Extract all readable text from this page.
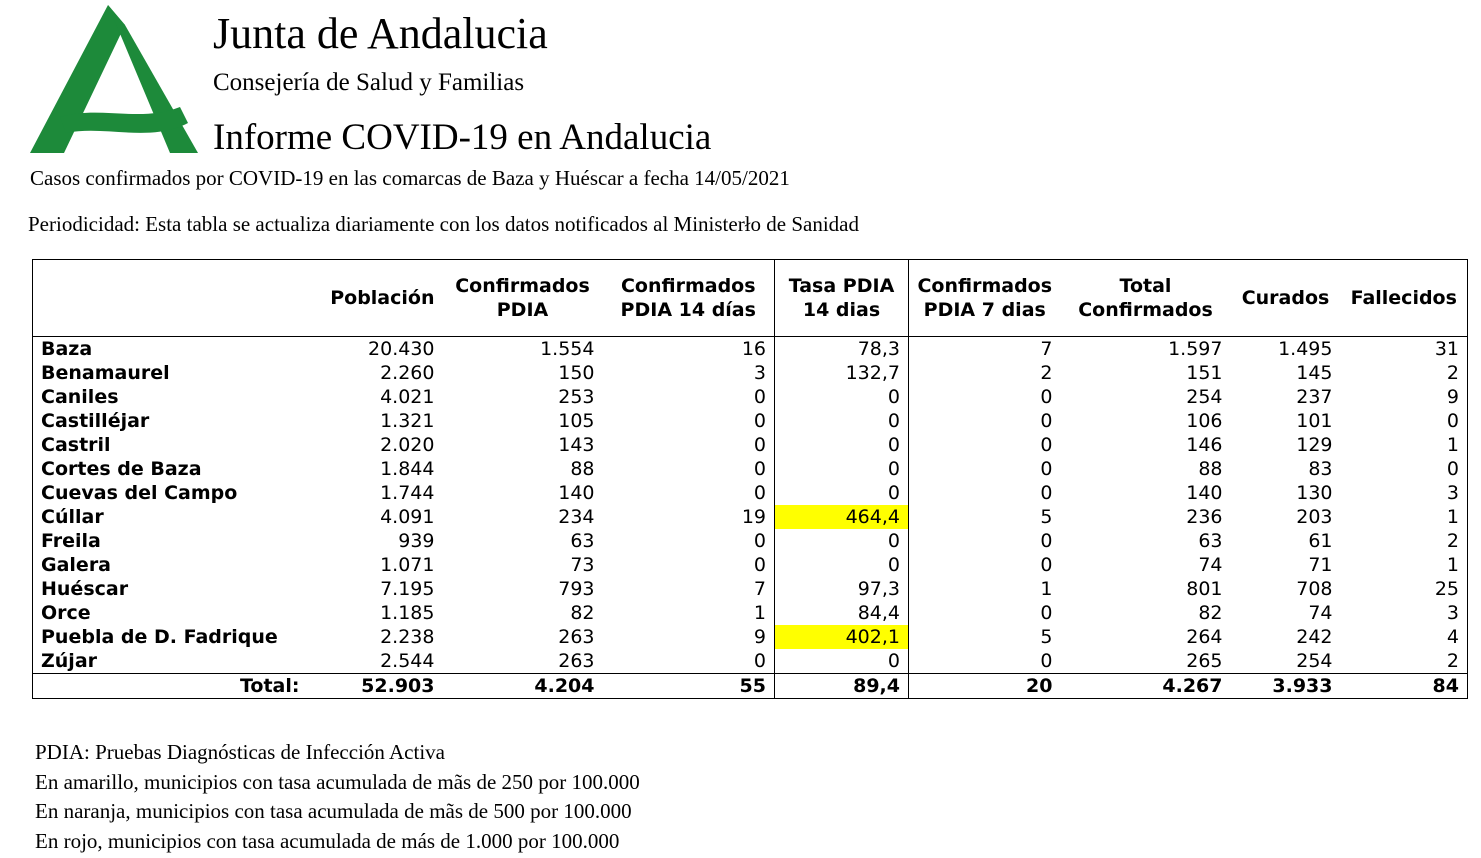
Junta de Andalucia
Consejería de Salud y Familias
Informe COVID-19 en Andalucia
Casos confirmados por COVID-19 en las comarcas de Baza y Huéscar a fecha 14/05/2021
Periodicidad: Esta tabla se actualiza diariamente con los datos notificados al Ministerło de Sanidad
	Población	Confirmados PDIA	Confirmados PDIA 14 días	Tasa PDIA 14 dias	Confirmados PDIA 7 dias	Total Confirmados	Curados	Fallecidos
Baza	20.430	1.554	16	78,3	7	1.597	1.495	31
Benamaurel	2.260	150	3	132,7	2	151	145	2
Caniles	4.021	253	0	0	0	254	237	9
Castilléjar	1.321	105	0	0	0	106	101	0
Castril	2.020	143	0	0	0	146	129	1
Cortes de Baza	1.844	88	0	0	0	88	83	0
Cuevas del Campo	1.744	140	0	0	0	140	130	3
Cúllar	4.091	234	19	464,4	5	236	203	1
Freila	939	63	0	0	0	63	61	2
Galera	1.071	73	0	0	0	74	71	1
Huéscar	7.195	793	7	97,3	1	801	708	25
Orce	1.185	82	1	84,4	0	82	74	3
Puebla de D. Fadrique	2.238	263	9	402,1	5	264	242	4
Zújar	2.544	263	0	0	0	265	254	2
Total:	52.903	4.204	55	89,4	20	4.267	3.933	84
PDIA: Pruebas Diagnósticas de Infección Activa
En amarillo, municipios con tasa acumulada de mãs de 250 por 100.000
En naranja, municipios con tasa acumulada de mãs de 500 por 100.000
En rojo, municipios con tasa acumulada de más de 1.000 por 100.000
